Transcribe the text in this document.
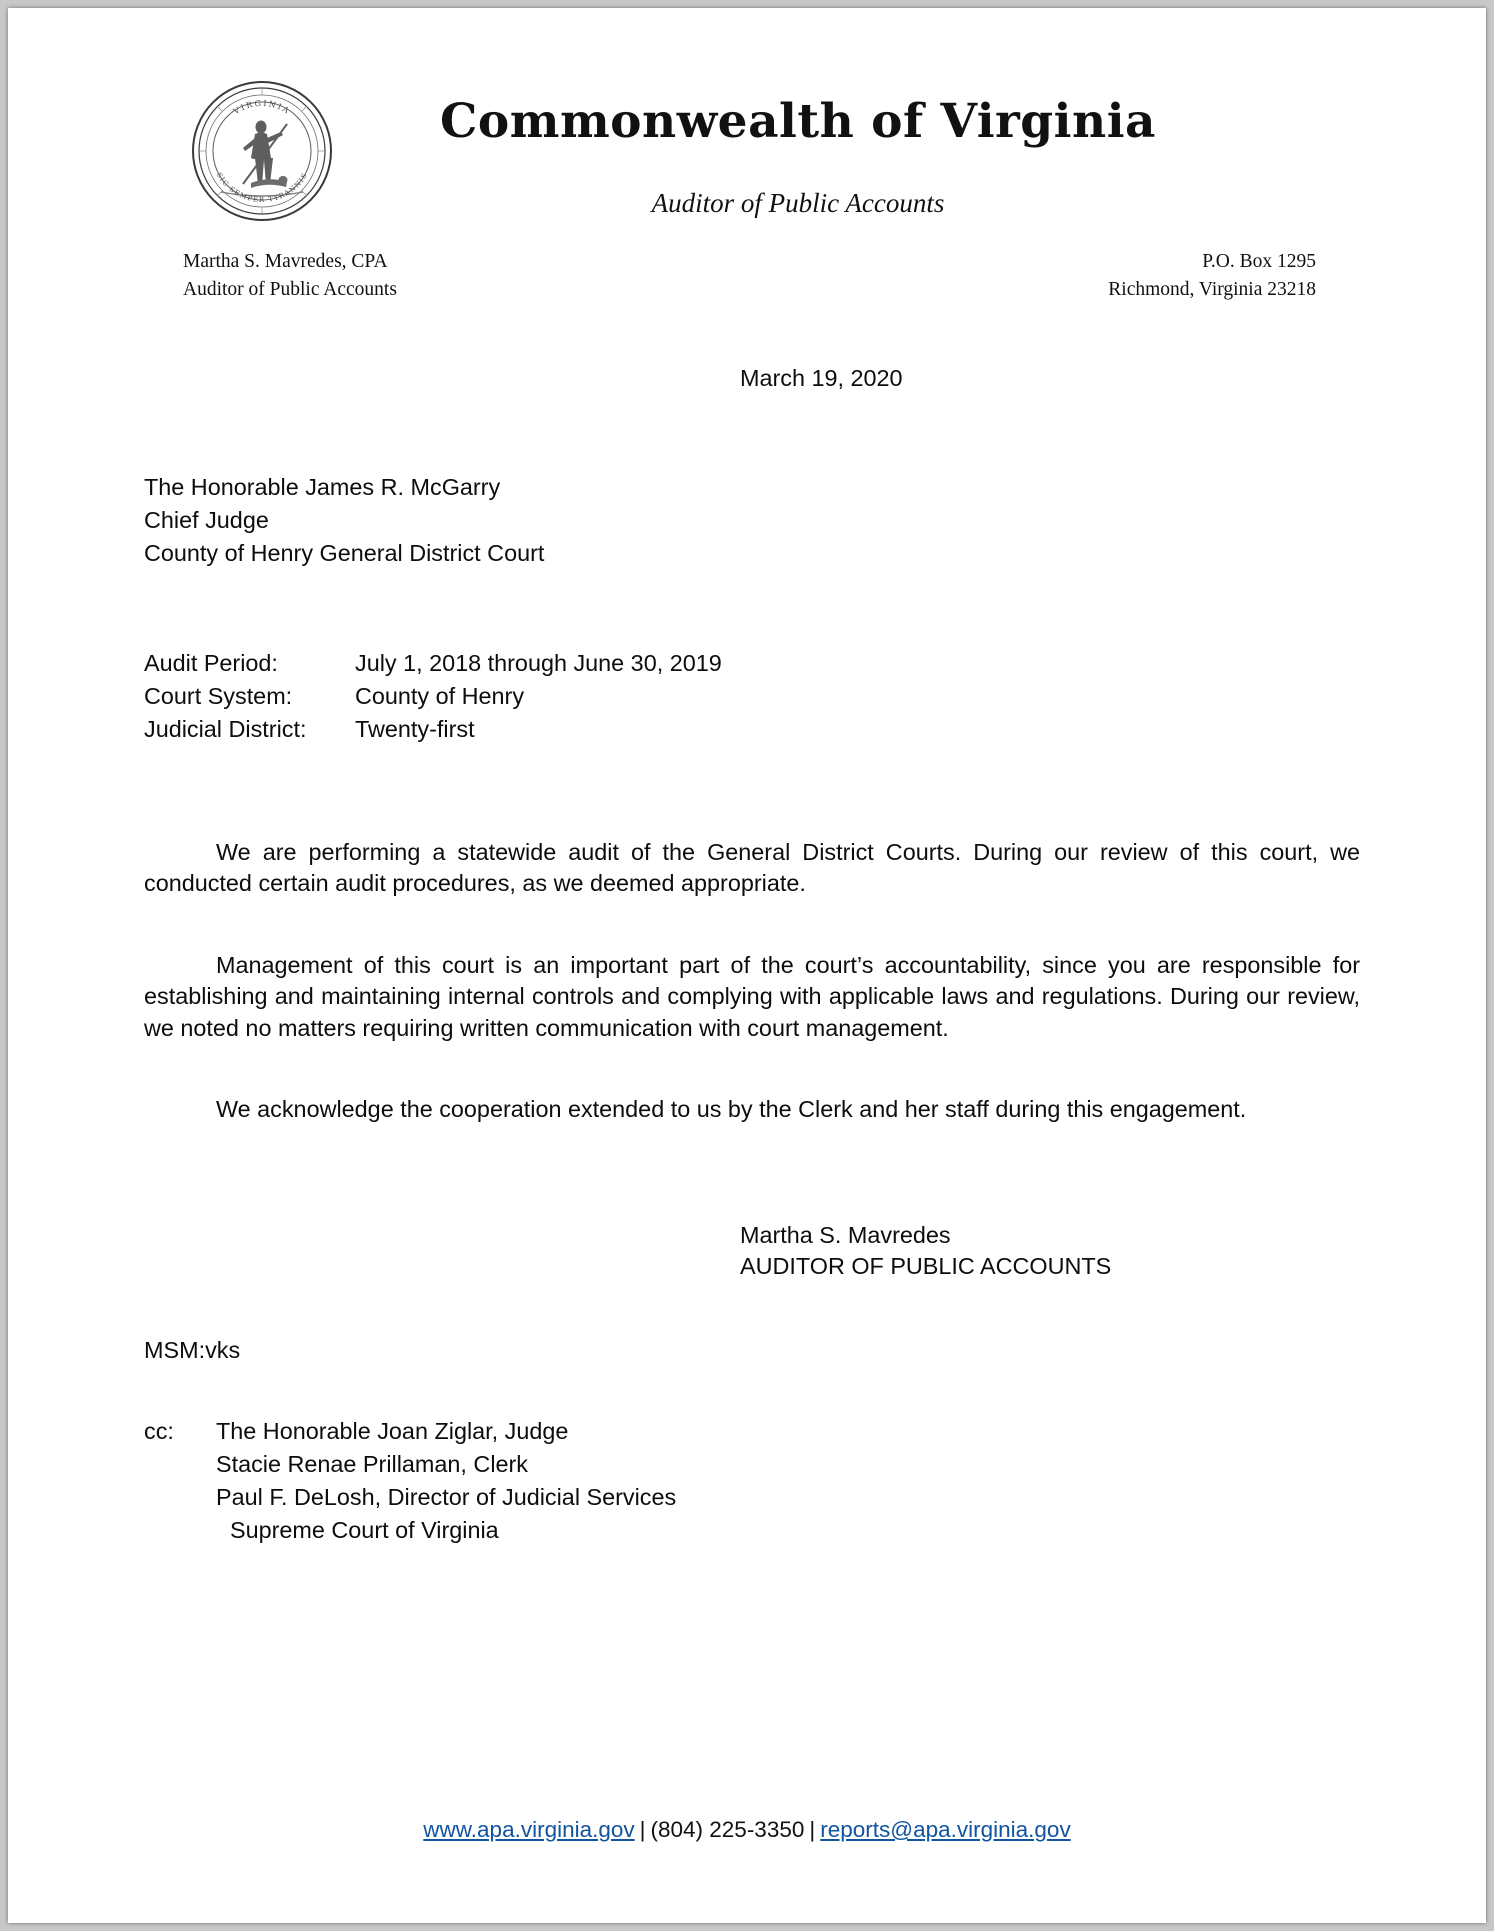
VIRGINIA
SIC SEMPER TYRANNIS
Commonwealth of Virginia
Auditor of Public Accounts
Martha S. Mavredes, CPA
Auditor of Public Accounts
P.O. Box 1295
Richmond, Virginia 23218
March 19, 2020
The Honorable James R. McGarry
Chief Judge
County of Henry General District Court
Audit Period:	July 1, 2018 through June 30, 2019
Court System:	County of Henry
Judicial District:	Twenty-first
We are performing a statewide audit of the General District Courts. During our review of this court, we conducted certain audit procedures, as we deemed appropriate.
Management of this court is an important part of the court’s accountability, since you are responsible for establishing and maintaining internal controls and complying with applicable laws and regulations. During our review, we noted no matters requiring written communication with court management.
We acknowledge the cooperation extended to us by the Clerk and her staff during this engagement.
Martha S. Mavredes
AUDITOR OF PUBLIC ACCOUNTS
MSM:vks
cc:	The Honorable Joan Ziglar, Judge
Stacie Renae Prillaman, Clerk
Paul F. DeLosh, Director of Judicial Services
Supreme Court of Virginia
www.apa.virginia.gov | (804) 225-3350 | reports@apa.virginia.gov
